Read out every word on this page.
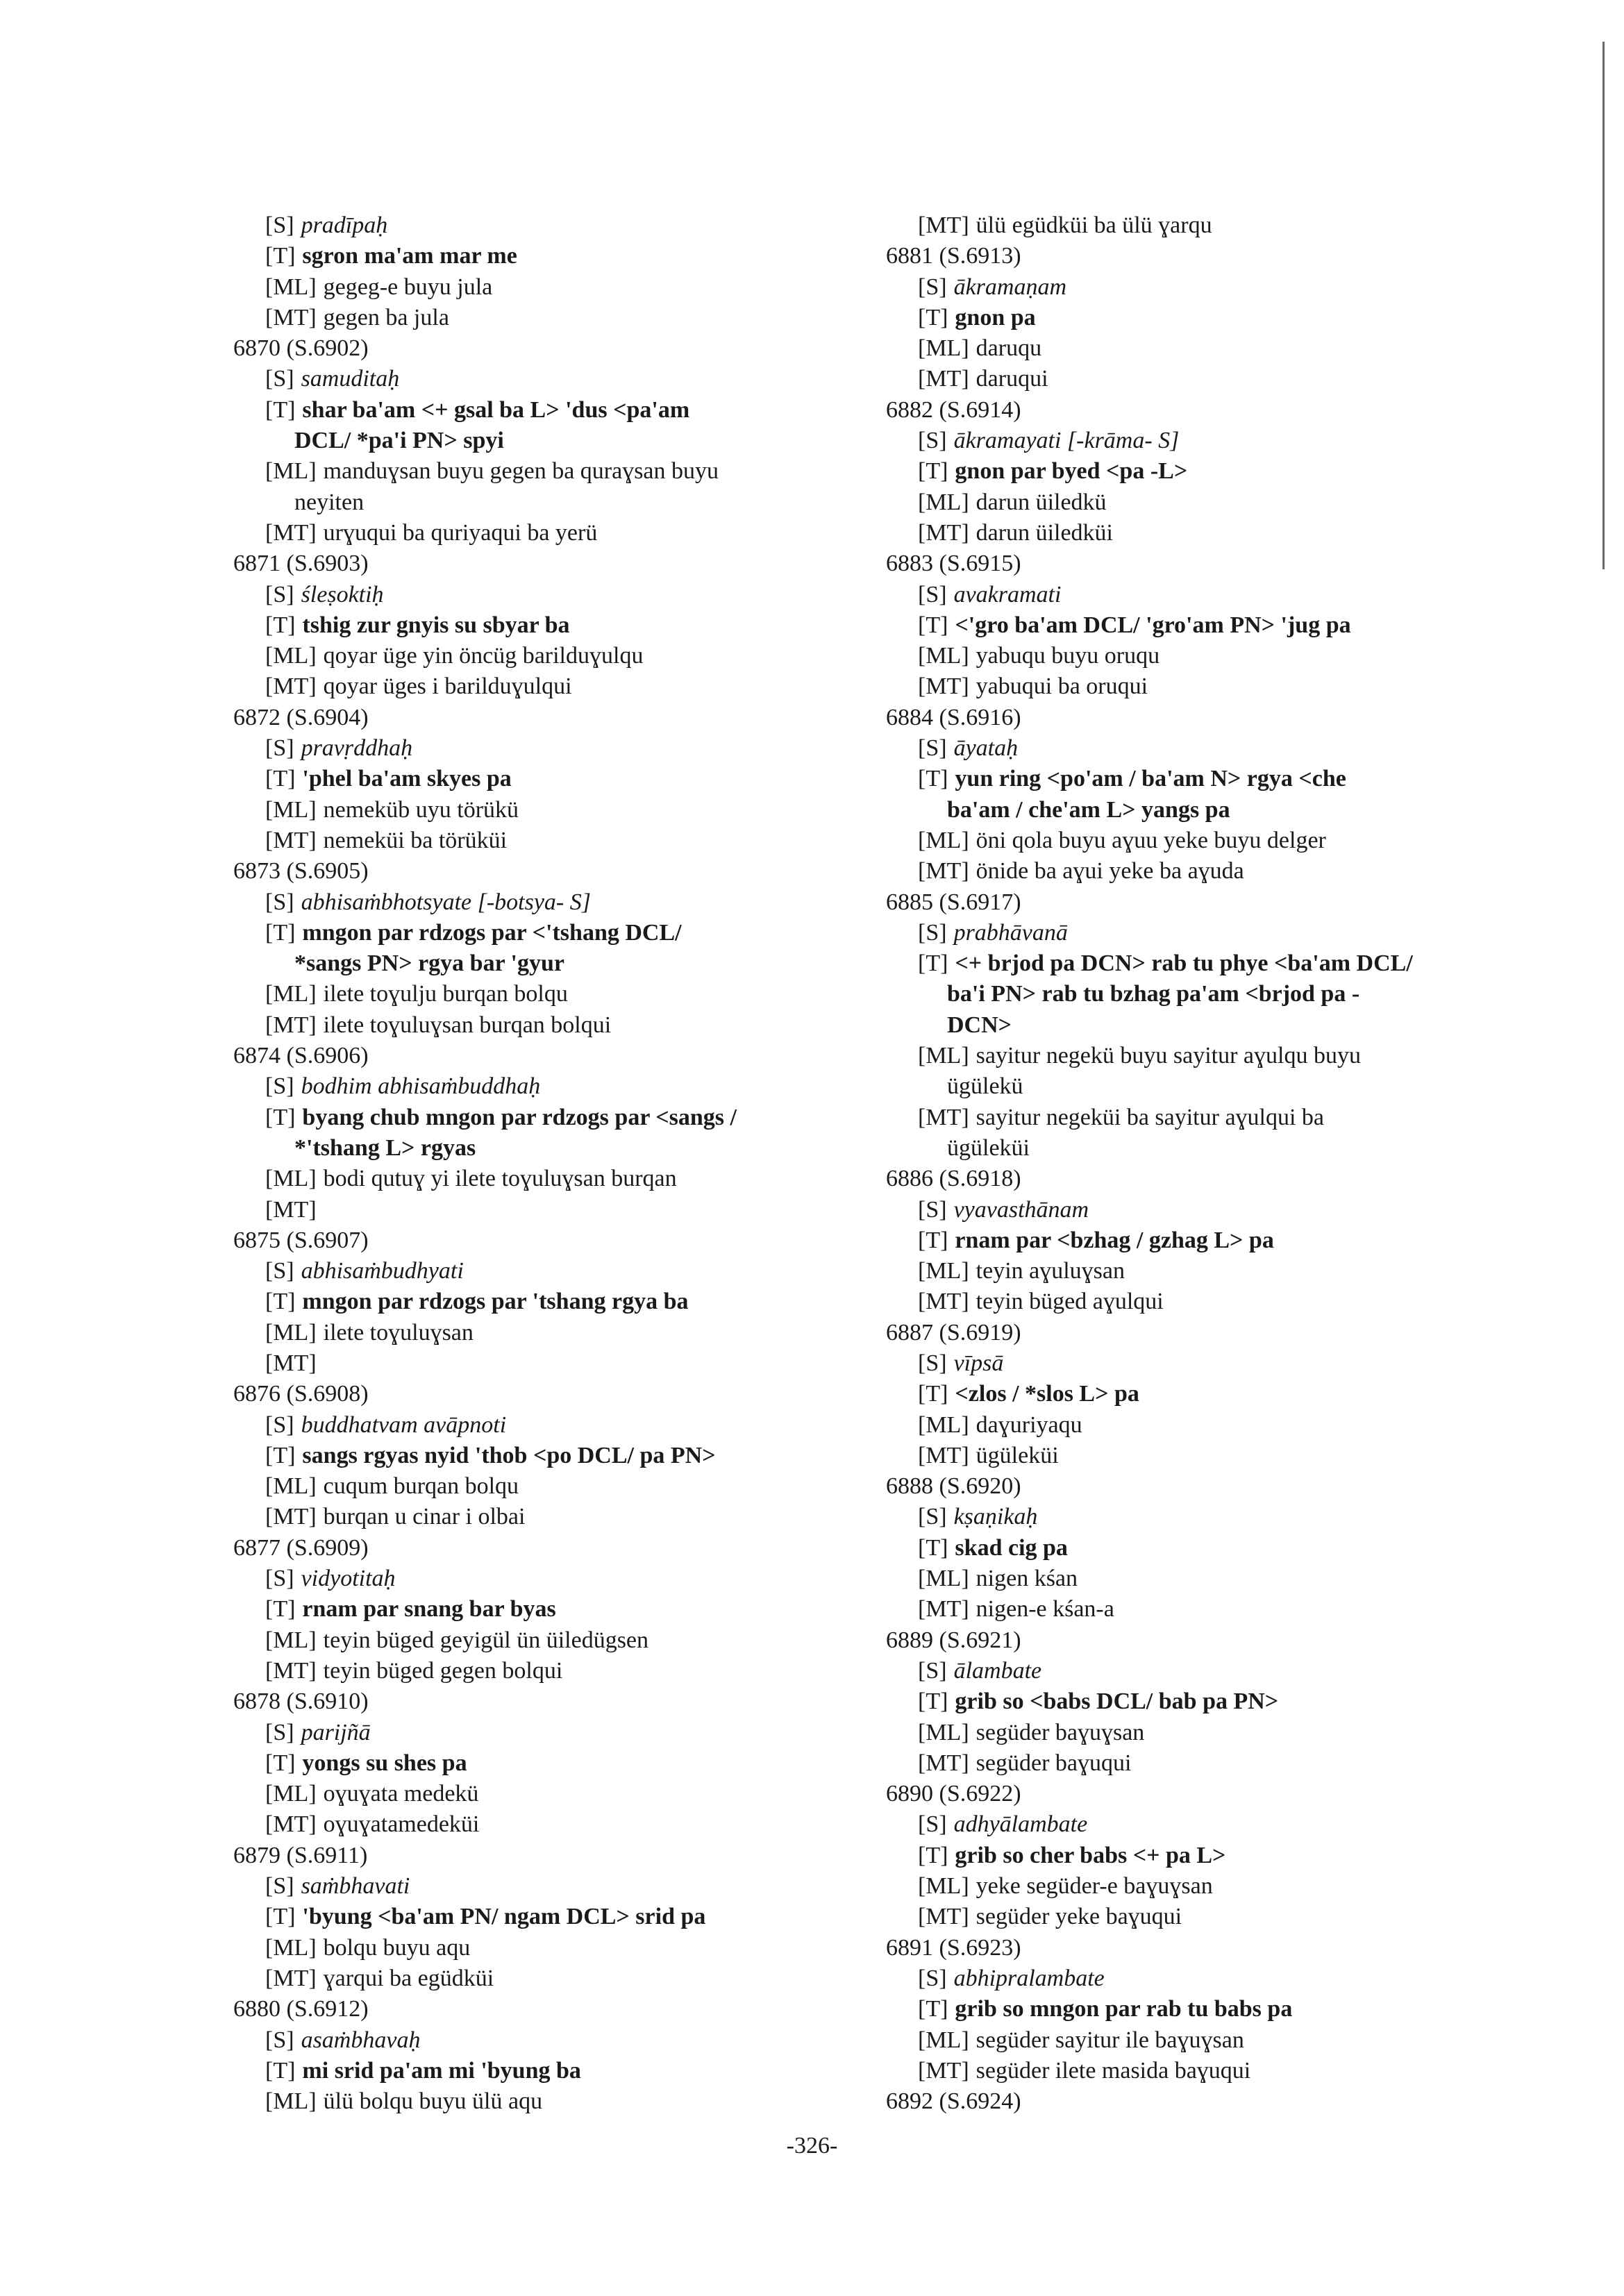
[S] pradīpaḥ
[T] sgron ma'am mar me
[ML] gegeg-e buyu jula
[MT] gegen ba jula
6870 (S.6902)
[S] samuditaḥ
[T] shar ba'am <+ gsal ba L> 'dus <pa'am
DCL/ *pa'i PN> spyi
[ML] manduɣsan buyu gegen ba quraɣsan buyu
neyiten
[MT] urɣuqui ba quriyaqui ba yerü
6871 (S.6903)
[S] śleṣoktiḥ
[T] tshig zur gnyis su sbyar ba
[ML] qoyar üge yin öncüg barilduɣulqu
[MT] qoyar üges i barilduɣulqui
6872 (S.6904)
[S] pravṛddhaḥ
[T] 'phel ba'am skyes pa
[ML] nemeküb uyu törükü
[MT] nemeküi ba törüküi
6873 (S.6905)
[S] abhisaṁbhotsyate [-botsya- S]
[T] mngon par rdzogs par <'tshang DCL/
*sangs PN> rgya bar 'gyur
[ML] ilete toɣulju burqan bolqu
[MT] ilete toɣuluɣsan burqan bolqui
6874 (S.6906)
[S] bodhim abhisaṁbuddhaḥ
[T] byang chub mngon par rdzogs par <sangs /
*'tshang L> rgyas
[ML] bodi qutuɣ yi ilete toɣuluɣsan burqan
[MT]
6875 (S.6907)
[S] abhisaṁbudhyati
[T] mngon par rdzogs par 'tshang rgya ba
[ML] ilete toɣuluɣsan
[MT]
6876 (S.6908)
[S] buddhatvam avāpnoti
[T] sangs rgyas nyid 'thob <po DCL/ pa PN>
[ML] cuqum burqan bolqu
[MT] burqan u cinar i olbai
6877 (S.6909)
[S] vidyotitaḥ
[T] rnam par snang bar byas
[ML] teyin büged geyigül ün üiledügsen
[MT] teyin büged gegen bolqui
6878 (S.6910)
[S] parijñā
[T] yongs su shes pa
[ML] oɣuɣata medekü
[MT] oɣuɣatamedeküi
6879 (S.6911)
[S] saṁbhavati
[T] 'byung <ba'am PN/ ngam DCL> srid pa
[ML] bolqu buyu aqu
[MT] ɣarqui ba egüdküi
6880 (S.6912)
[S] asaṁbhavaḥ
[T] mi srid pa'am mi 'byung ba
[ML] ülü bolqu buyu ülü aqu
[MT] ülü egüdküi ba ülü ɣarqu
6881 (S.6913)
[S] ākramaṇam
[T] gnon pa
[ML] daruqu
[MT] daruqui
6882 (S.6914)
[S] ākramayati [-krāma- S]
[T] gnon par byed <pa -L>
[ML] darun üiledkü
[MT] darun üiledküi
6883 (S.6915)
[S] avakramati
[T] <'gro ba'am DCL/ 'gro'am PN> 'jug pa
[ML] yabuqu buyu oruqu
[MT] yabuqui ba oruqui
6884 (S.6916)
[S] āyataḥ
[T] yun ring <po'am / ba'am N> rgya <che
ba'am / che'am L> yangs pa
[ML] öni qola buyu aɣuu yeke buyu delger
[MT] önide ba aɣui yeke ba aɣuda
6885 (S.6917)
[S] prabhāvanā
[T] <+ brjod pa DCN> rab tu phye <ba'am DCL/
ba'i PN> rab tu bzhag pa'am <brjod pa -
DCN>
[ML] sayitur negekü buyu sayitur aɣulqu buyu
ügülekü
[MT] sayitur negeküi ba sayitur aɣulqui ba
ügüleküi
6886 (S.6918)
[S] vyavasthānam
[T] rnam par <bzhag / gzhag L> pa
[ML] teyin aɣuluɣsan
[MT] teyin büged aɣulqui
6887 (S.6919)
[S] vīpsā
[T] <zlos / *slos L> pa
[ML] daɣuriyaqu
[MT] ügüleküi
6888 (S.6920)
[S] kṣaṇikaḥ
[T] skad cig pa
[ML] nigen kśan
[MT] nigen-e kśan-a
6889 (S.6921)
[S] ālambate
[T] grib so <babs DCL/ bab pa PN>
[ML] següder baɣuɣsan
[MT] següder baɣuqui
6890 (S.6922)
[S] adhyālambate
[T] grib so cher babs <+ pa L>
[ML] yeke següder-e baɣuɣsan
[MT] següder yeke baɣuqui
6891 (S.6923)
[S] abhipralambate
[T] grib so mngon par rab tu babs pa
[ML] següder sayitur ile baɣuɣsan
[MT] següder ilete masida baɣuqui
6892 (S.6924)
-326-
